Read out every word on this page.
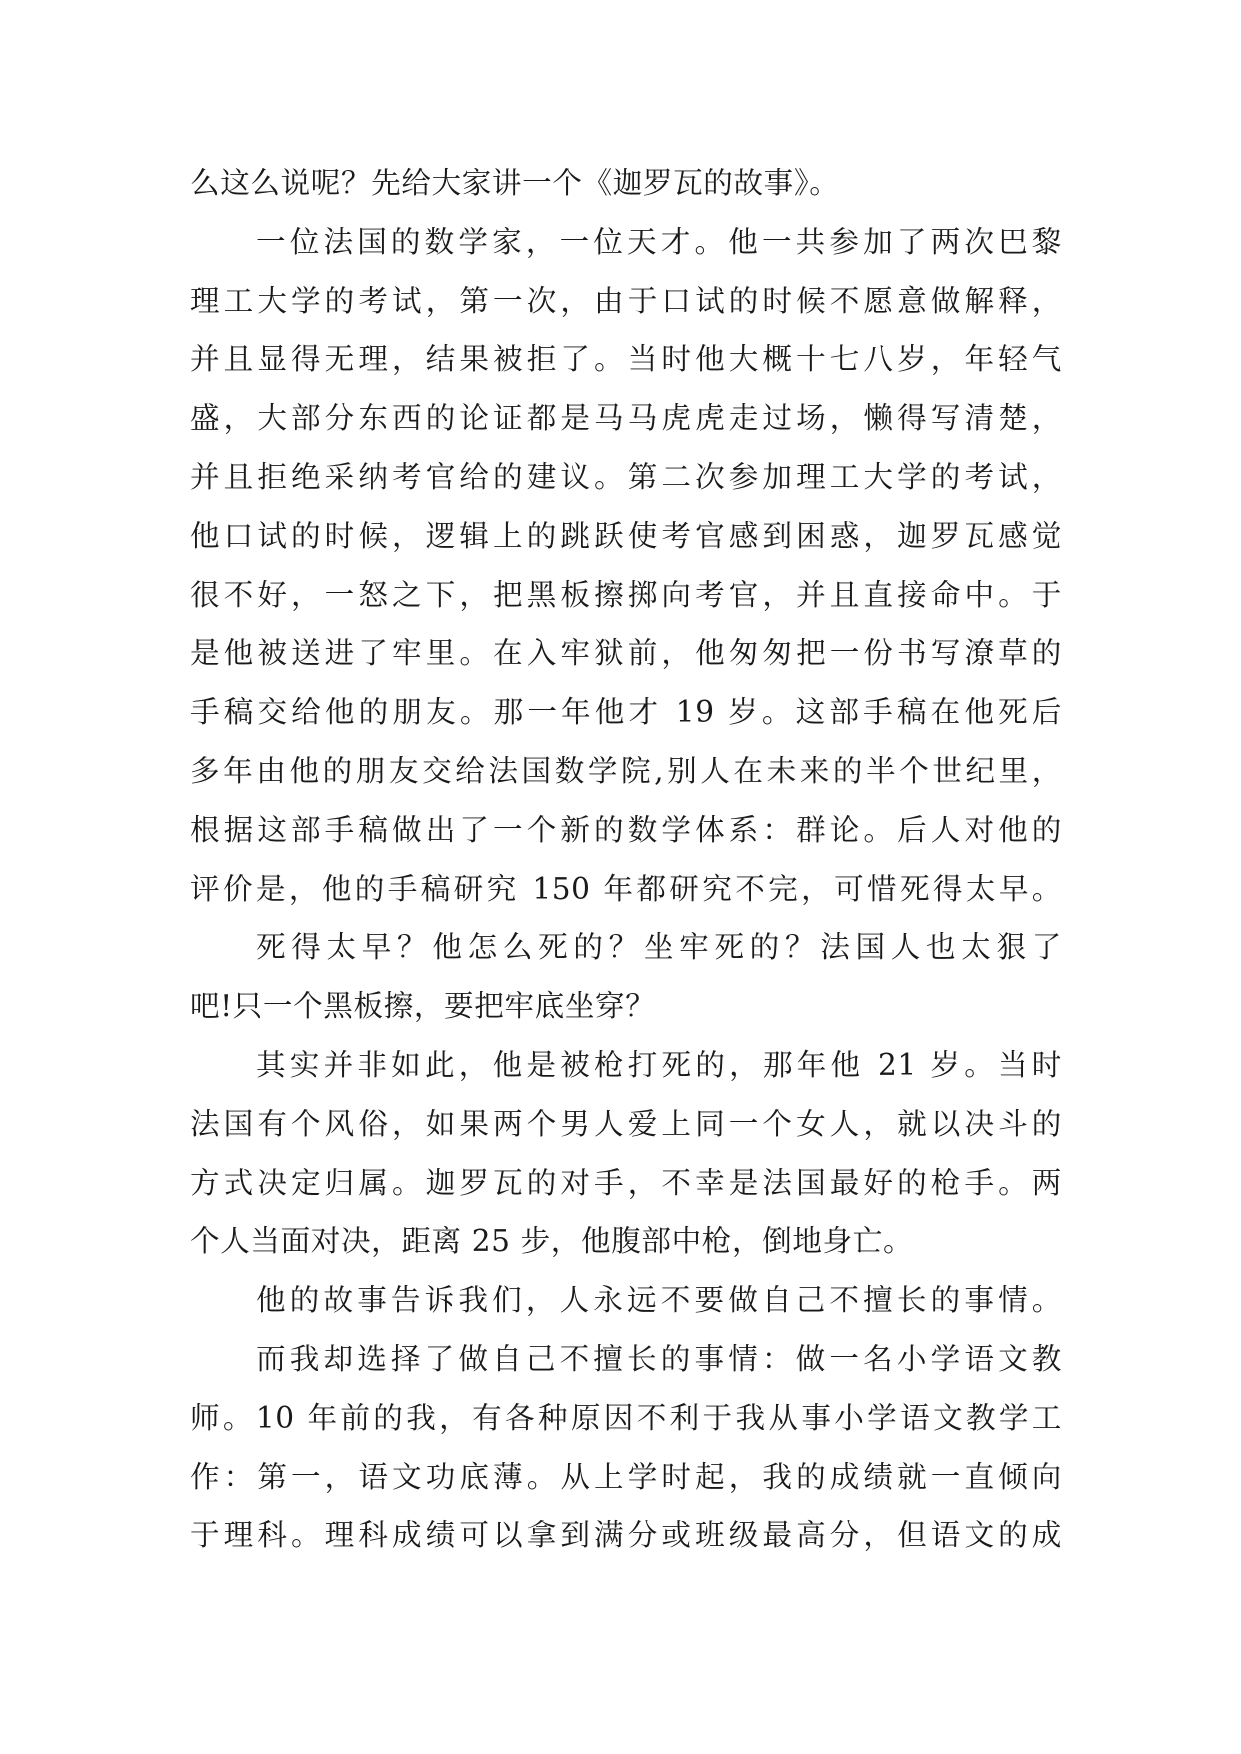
么这么说呢？先给大家讲一个《迦罗瓦的故事》。
一位法国的数学家，一位天才。他一共参加了两次巴黎
理工大学的考试，第一次，由于口试的时候不愿意做解释，
并且显得无理，结果被拒了。当时他大概十七八岁，年轻气
盛，大部分东西的论证都是马马虎虎走过场，懒得写清楚，
并且拒绝采纳考官给的建议。第二次参加理工大学的考试，
他口试的时候，逻辑上的跳跃使考官感到困惑，迦罗瓦感觉
很不好，一怒之下，把黑板擦掷向考官，并且直接命中。于
是他被送进了牢里。在入牢狱前，他匆匆把一份书写潦草的
手稿交给他的朋友。那一年他才 19 岁。这部手稿在他死后
多年由他的朋友交给法国数学院,别人在未来的半个世纪里，
根据这部手稿做出了一个新的数学体系：群论。后人对他的
评价是，他的手稿研究 150 年都研究不完，可惜死得太早。
死得太早？他怎么死的？坐牢死的？法国人也太狠了
吧!只一个黑板擦，要把牢底坐穿？
其实并非如此，他是被枪打死的，那年他 21 岁。当时
法国有个风俗，如果两个男人爱上同一个女人，就以决斗的
方式决定归属。迦罗瓦的对手，不幸是法国最好的枪手。两
个人当面对决，距离 25 步，他腹部中枪，倒地身亡。
他的故事告诉我们，人永远不要做自己不擅长的事情。
而我却选择了做自己不擅长的事情：做一名小学语文教
师。10 年前的我，有各种原因不利于我从事小学语文教学工
作：第一，语文功底薄。从上学时起，我的成绩就一直倾向
于理科。理科成绩可以拿到满分或班级最高分，但语文的成
